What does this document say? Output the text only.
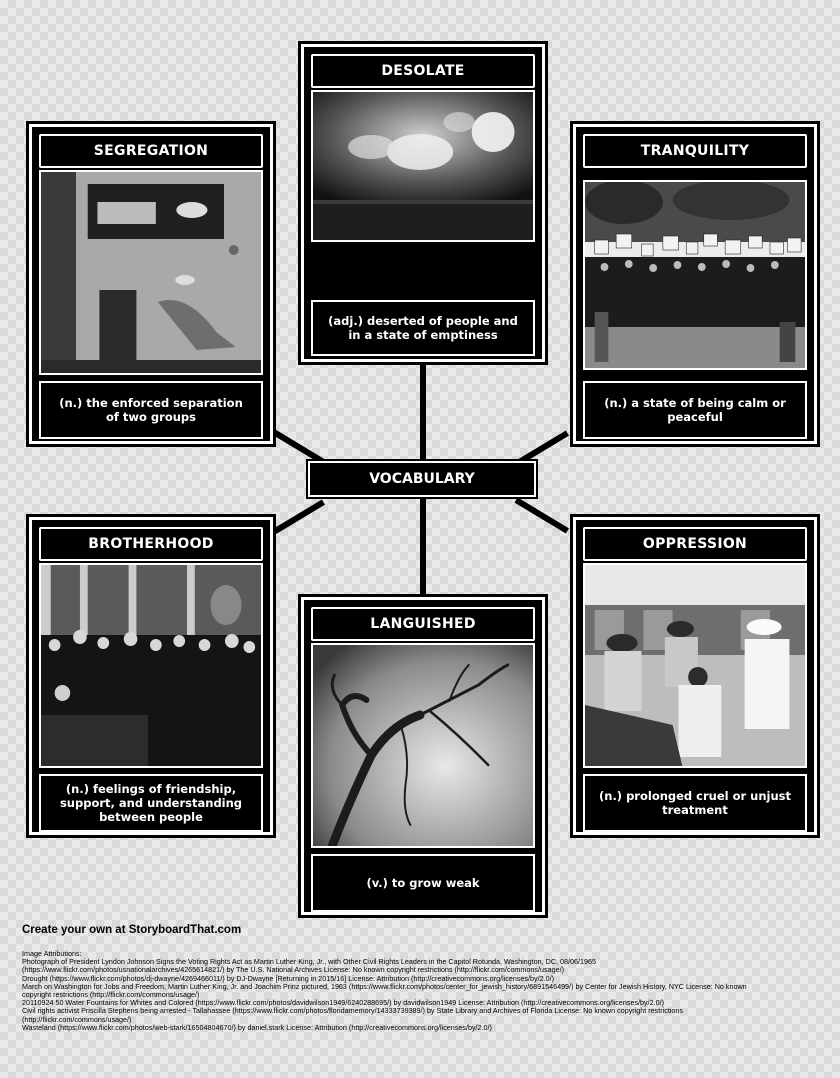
DESOLATE
(adj.) deserted of people and in a state of emptiness
SEGREGATION
(n.) the enforced separation of two groups
TRANQUILITY
(n.) a state of being calm or peaceful
VOCABULARY
BROTHERHOOD
(n.) feelings of friendship, support, and understanding between people
OPPRESSION
(n.) prolonged cruel or unjust treatment
LANGUISHED
(v.) to grow weak
Create your own at StoryboardThat.com
Image Attributions:
Photograph of President Lyndon Johnson Signs the Voting Rights Act as Martin Luther King, Jr., with Other Civil Rights Leaders in the Capitol Rotunda, Washington, DC, 08/06/1965
(https://www.flickr.com/photos/usnationalarchives/4265614821/) by The U.S. National Archives License: No known copyright restrictions (http://flickr.com/commons/usage/)
Drought (https://www.flickr.com/photos/dj-dwayne/4269466011/) by DJ-Dwayne [Returning in 2015/16] License: Attribution (http://creativecommons.org/licenses/by/2.0/)
March on Washington for Jobs and Freedom, Martin Luther King, Jr. and Joachim Prinz pictured, 1963 (https://www.flickr.com/photos/center_for_jewish_history/6891546499/) by Center for Jewish History, NYC License: No known
copyright restrictions (http://flickr.com/commons/usage/)
20110924 50 Water Fountains for Whites and Colored (https://www.flickr.com/photos/davidwilson1949/6240288695/) by davidwilson1949 License: Attribution (http://creativecommons.org/licenses/by/2.0/)
Civil rights activist Priscilla Stephens being arrested - Tallahassee (https://www.flickr.com/photos/floridamemory/14333739389/) by State Library and Archives of Florida License: No known copyright restrictions
(http://flickr.com/commons/usage/)
Wasteland (https://www.flickr.com/photos/web-stark/16504804670/) by daniel.stark License: Attribution (http://creativecommons.org/licenses/by/2.0/)
